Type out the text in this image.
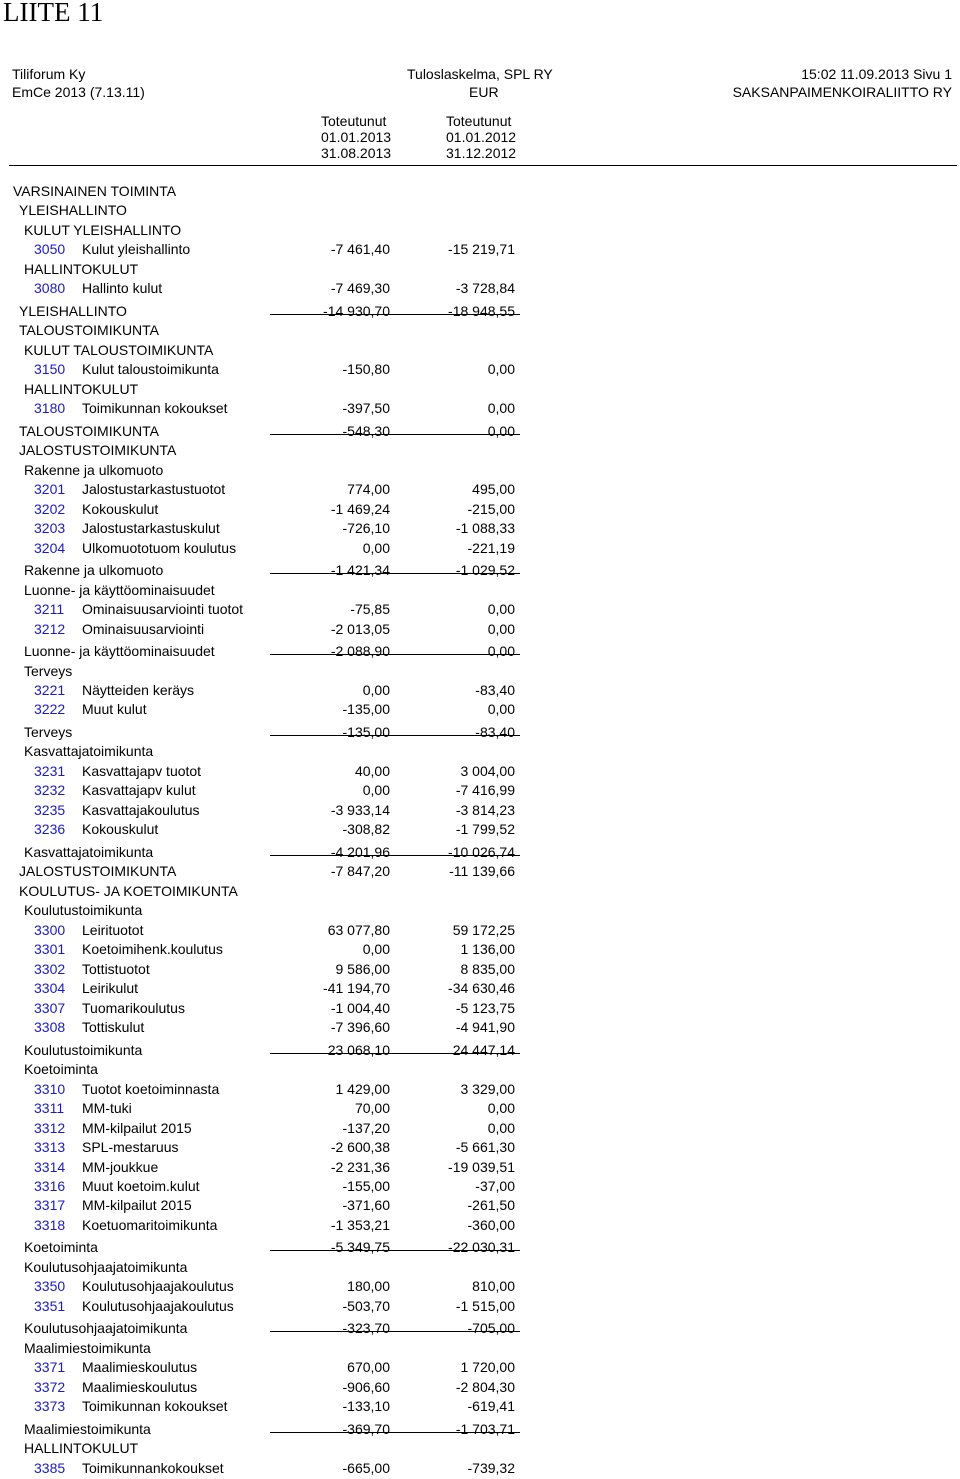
LIITE 11
Tiliforum Ky
EmCe 2013 (7.13.11)
Tuloslaskelma, SPL RY
EUR
15:02 11.09.2013 Sivu 1
SAKSANPAIMENKOIRALIITTO RY
Toteutunut
01.01.2013
31.08.2013
Toteutunut
01.01.2012
31.12.2012
VARSINAINEN TOIMINTA
YLEISHALLINTO
KULUT YLEISHALLINTO
3050 Kulut yleishallinto	-7 461,40	-15 219,71
HALLINTOKULUT
3080 Hallinto kulut	-7 469,30	-3 728,84
YLEISHALLINTO	-14 930,70	-18 948,55
TALOUSTOIMIKUNTA
KULUT TALOUSTOIMIKUNTA
3150 Kulut taloustoimikunta	-150,80	0,00
HALLINTOKULUT
3180 Toimikunnan kokoukset	-397,50	0,00
TALOUSTOIMIKUNTA	-548,30	0,00
JALOSTUSTOIMIKUNTA
Rakenne ja ulkomuoto
3201 Jalostustarkastustuotot	774,00	495,00
3202 Kokouskulut	-1 469,24	-215,00
3203 Jalostustarkastuskulut	-726,10	-1 088,33
3204 Ulkomuototuom koulutus	0,00	-221,19
Rakenne ja ulkomuoto	-1 421,34	-1 029,52
Luonne- ja käyttöominaisuudet
3211 Ominaisuusarviointi tuotot	-75,85	0,00
3212 Ominaisuusarviointi	-2 013,05	0,00
Luonne- ja käyttöominaisuudet	-2 088,90	0,00
Terveys
3221 Näytteiden keräys	0,00	-83,40
3222 Muut kulut	-135,00	0,00
Terveys	-135,00	-83,40
Kasvattajatoimikunta
3231 Kasvattajapv tuotot	40,00	3 004,00
3232 Kasvattajapv kulut	0,00	-7 416,99
3235 Kasvattajakoulutus	-3 933,14	-3 814,23
3236 Kokouskulut	-308,82	-1 799,52
Kasvattajatoimikunta	-4 201,96	-10 026,74
JALOSTUSTOIMIKUNTA	-7 847,20	-11 139,66
KOULUTUS- JA KOETOIMIKUNTA
Koulutustoimikunta
3300 Leirituotot	63 077,80	59 172,25
3301 Koetoimihenk.koulutus	0,00	1 136,00
3302 Tottistuotot	9 586,00	8 835,00
3304 Leirikulut	-41 194,70	-34 630,46
3307 Tuomarikoulutus	-1 004,40	-5 123,75
3308 Tottiskulut	-7 396,60	-4 941,90
Koulutustoimikunta	23 068,10	24 447,14
Koetoiminta
3310 Tuotot koetoiminnasta	1 429,00	3 329,00
3311 MM-tuki	70,00	0,00
3312 MM-kilpailut 2015	-137,20	0,00
3313 SPL-mestaruus	-2 600,38	-5 661,30
3314 MM-joukkue	-2 231,36	-19 039,51
3316 Muut koetoim.kulut	-155,00	-37,00
3317 MM-kilpailut 2015	-371,60	-261,50
3318 Koetuomaritoimikunta	-1 353,21	-360,00
Koetoiminta	-5 349,75	-22 030,31
Koulutusohjaajatoimikunta
3350 Koulutusohjaajakoulutus	180,00	810,00
3351 Koulutusohjaajakoulutus	-503,70	-1 515,00
Koulutusohjaajatoimikunta	-323,70	-705,00
Maalimiestoimikunta
3371 Maalimieskoulutus	670,00	1 720,00
3372 Maalimieskoulutus	-906,60	-2 804,30
3373 Toimikunnan kokoukset	-133,10	-619,41
Maalimiestoimikunta	-369,70	-1 703,71
HALLINTOKULUT
3385 Toimikunnankokoukset	-665,00	-739,32
